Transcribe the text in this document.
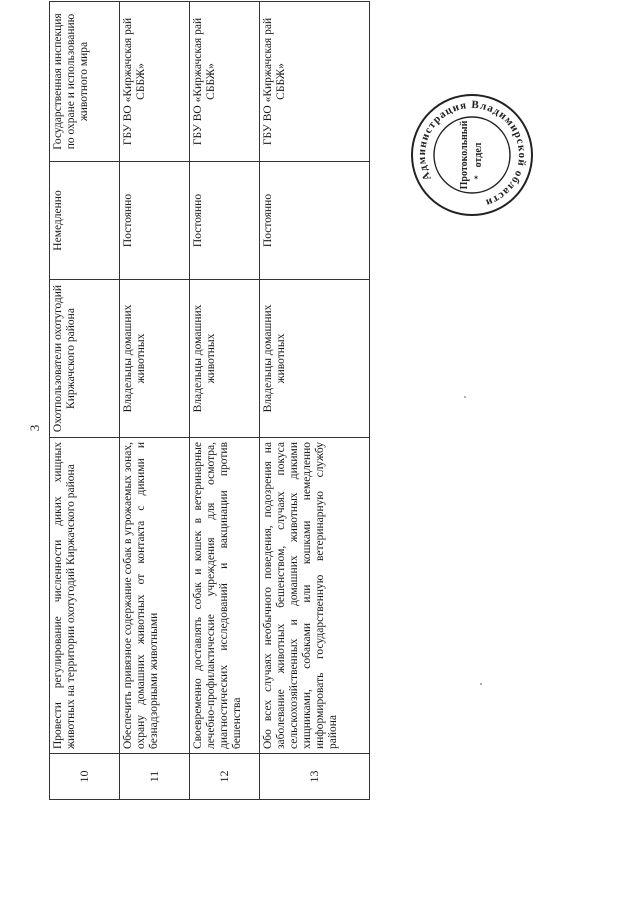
3
10	Провести регулирование численности диких хищных животных на территории охотугодий Киржачского района	Охотпользователи охотугодий Киржачского района	Немедленно	Государственная инспекция по охране и использованию животного мира
11	Обеспечить привязное содержание собак в угрожаемых зонах, охрану домашних животных от контакта с дикими и безнадзорными животными	Владельцы домашних животных	Постоянно	ГБУ ВО «Киржачская рай СББЖ»
12	Своевременно доставлять собак и кошек в ветеринарные лечебно-профилактические учреждения для осмотра, диагностических исследований и вакцинации против бешенства	Владельцы домашних животных	Постоянно	ГБУ ВО «Киржачская рай СББЖ»
13	Обо всех случаях необычного поведения, подозрения на заболевание животных бешенством, случаях покуса сельскохозяйственных и домашних животных дикими хищниками, собаками или кошками немедленно информировать государственную ветеринарную службу района	Владельцы домашних животных	Постоянно	ГБУ ВО «Киржачская рай СББЖ»
Администрация Владимирской области
✶
Протокольный отдел
